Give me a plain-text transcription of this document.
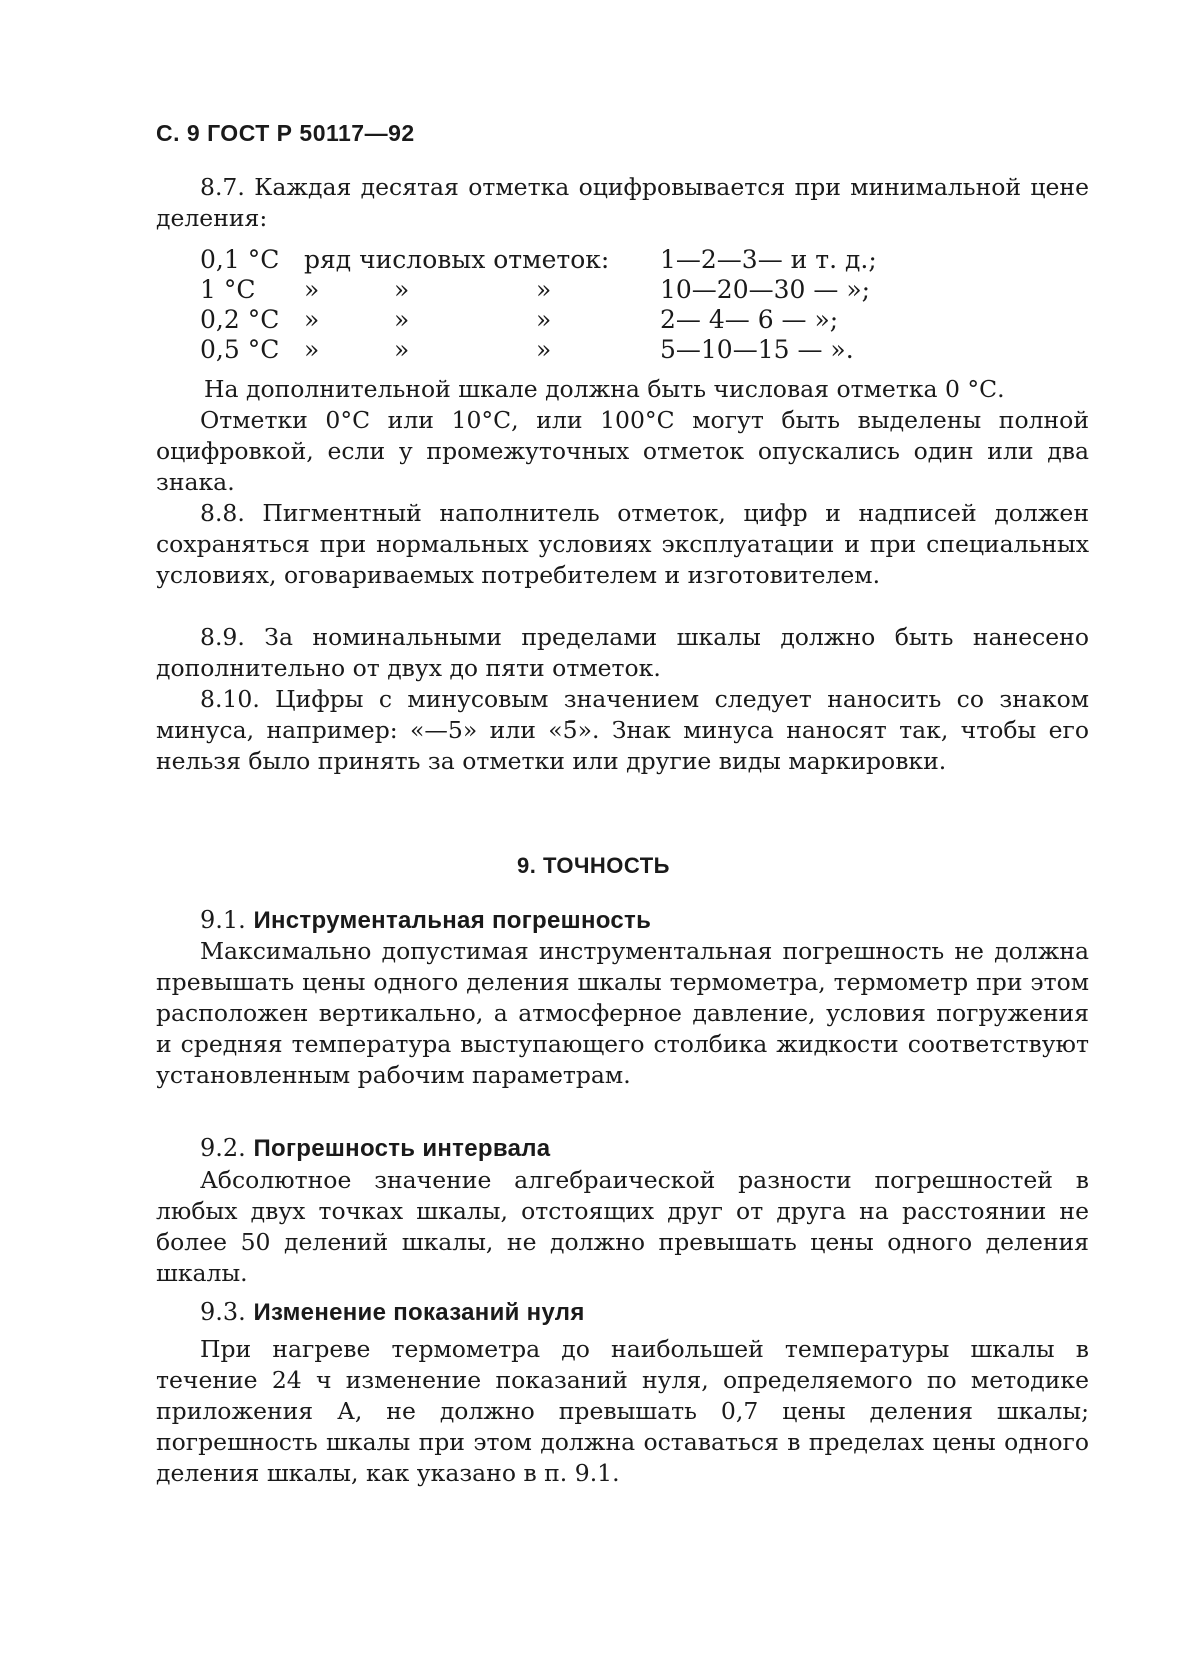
С. 9 ГОСТ Р 50117—92
8.7. Каждая десятая отметка оцифровывается при минимальной цене деления:
0,1 °С ряд числовых отметок: 1—2—3— и т. д.;
1 °С »	»	»	10—20—30 — »;
0,2 °С »	»	»	2— 4— 6 — »;
0,5 °С »	»	»	5—10—15 — ».
На дополнительной шкале должна быть числовая отметка 0 °С.
Отметки 0°С или 10°С, или 100°С могут быть выделены полной оцифровкой, если у промежуточных отметок опускались один или два знака.
8.8. Пигментный наполнитель отметок, цифр и надписей должен сохраняться при нормальных условиях эксплуатации и при специальных условиях, оговариваемых потребителем и изготовителем.
8.9. За номинальными пределами шкалы должно быть нанесено дополнительно от двух до пяти отметок.
8.10. Цифры с минусовым значением следует наносить со знаком минуса, например: «—5» или «5̄». Знак минуса наносят так, чтобы его нельзя было принять за отметки или другие виды маркировки.
9. ТОЧНОСТЬ
9.1. Инструментальная погрешность
Максимально допустимая инструментальная погрешность не должна превышать цены одного деления шкалы термометра, термометр при этом расположен вертикально, а атмосферное давление, условия погружения и средняя температура выступающего столбика жидкости соответствуют установленным рабочим параметрам.
9.2. Погрешность интервала
Абсолютное значение алгебраической разности погрешностей в любых двух точках шкалы, отстоящих друг от друга на расстоянии не более 50 делений шкалы, не должно превышать цены одного деления шкалы.
9.3. Изменение показаний нуля
При нагреве термометра до наибольшей температуры шкалы в течение 24 ч изменение показаний нуля, определяемого по методике приложения А, не должно превышать 0,7 цены деления шкалы; погрешность шкалы при этом должна оставаться в пределах цены одного деления шкалы, как указано в п. 9.1.
